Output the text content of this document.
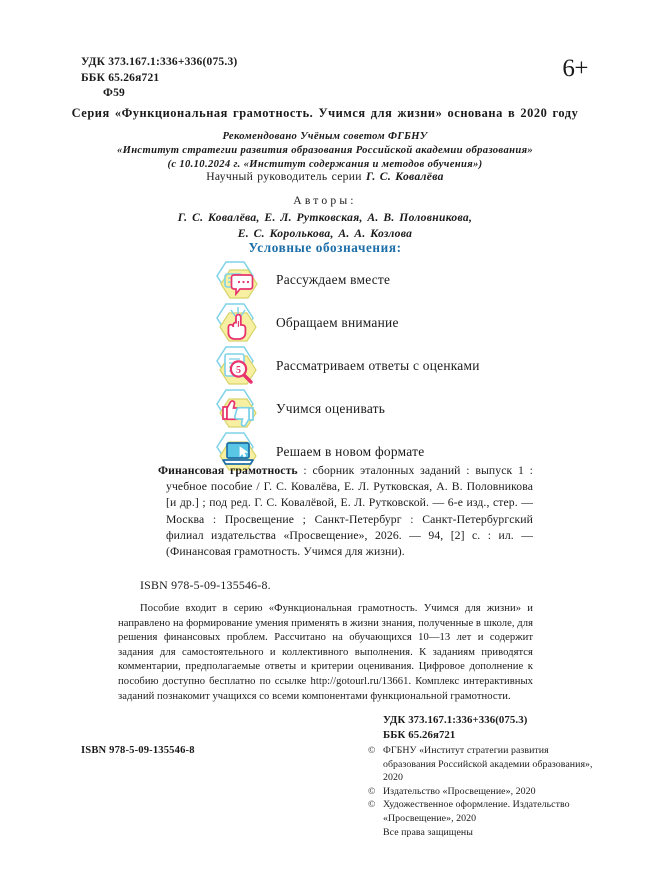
УДК 373.167.1:336+336(075.3)
ББК 65.26я721
Ф59
6+
Серия «Функциональная грамотность. Учимся для жизни» основана в 2020 году
Рекомендовано Учёным советом ФГБНУ
«Институт стратегии развития образования Российской академии образования»
(с 10.10.2024 г. «Институт содержания и методов обучения»)
Научный руководитель серии Г. С. Ковалёва
Авторы:
Г. С. Ковалёва, Е. Л. Рутковская, А. В. Половникова,
Е. С. Королькова, А. А. Козлова
Условные обозначения:
Рассуждаем вместе
Обращаем внимание
5	Рассматриваем ответы с оценками
Учимся оценивать
Решаем в новом формате
Финансовая грамотность : сборник эталонных заданий : выпуск 1 : учебное пособие / Г. С. Ковалёва, Е. Л. Рутковская, А. В. Половникова [и др.] ; под ред. Г. С. Ковалёвой, Е. Л. Рутковской. — 6-е изд., стер. — Москва : Просвещение ; Санкт-Петербург : Санкт-Петербургский филиал издательства «Просвещение», 2026. — 94, [2] с. : ил. — (Финансовая грамотность. Учимся для жизни).
ISBN 978-5-09-135546-8.
Пособие входит в серию «Функциональная грамотность. Учимся для жизни» и направлено на формирование умения применять в жизни знания, полученные в школе, для решения финансовых проблем. Рассчитано на обучающихся 10—13 лет и содержит задания для самостоятельного и коллективного выполнения. К заданиям приводятся комментарии, предполагаемые ответы и критерии оценивания. Цифровое дополнение к пособию доступно бесплатно по ссылке http://gotourl.ru/13661. Комплекс интерактивных заданий познакомит учащихся со всеми компонентами функциональной грамотности.
УДК 373.167.1:336+336(075.3)
ББК 65.26я721
ISBN 978-5-09-135546-8	© ФГБНУ «Институт стратегии развития образования Российской академии образования», 2020
© Издательство «Просвещение», 2020
© Художественное оформление. Издательство «Просвещение», 2020
Все права защищены
